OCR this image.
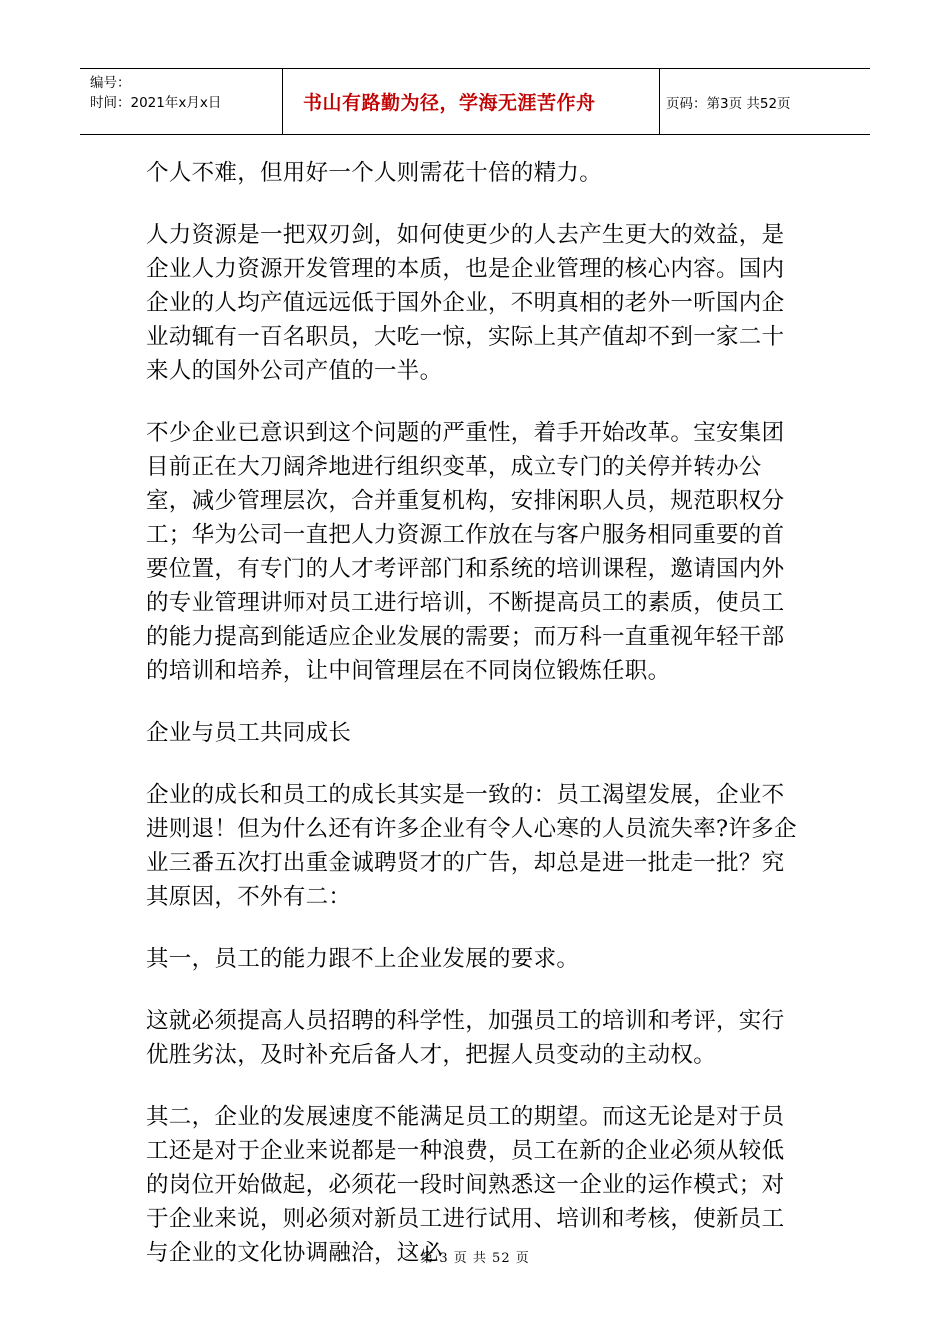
编号：
时间：2021年x月x日	书山有路勤为径，学海无涯苦作舟	页码：第3页 共52页

个人不难，但用好一个人则需花十倍的精力。

人力资源是一把双刃剑，如何使更少的人去产生更大的效益，是企业人力资源开发管理的本质，也是企业管理的核心内容。国内企业的人均产值远远低于国外企业，不明真相的老外一听国内企业动辄有一百名职员，大吃一惊，实际上其产值却不到一家二十来人的国外公司产值的一半。

不少企业已意识到这个问题的严重性，着手开始改革。宝安集团目前正在大刀阔斧地进行组织变革，成立专门的关停并转办公室，减少管理层次，合并重复机构，安排闲职人员，规范职权分工；华为公司一直把人力资源工作放在与客户服务相同重要的首要位置，有专门的人才考评部门和系统的培训课程，邀请国内外的专业管理讲师对员工进行培训，不断提高员工的素质，使员工的能力提高到能适应企业发展的需要；而万科一直重视年轻干部的培训和培养，让中间管理层在不同岗位锻炼任职。

企业与员工共同成长

企业的成长和员工的成长其实是一致的：员工渴望发展，企业不进则退！但为什么还有许多企业有令人心寒的人员流失率?许多企业三番五次打出重金诚聘贤才的广告，却总是进一批走一批？究其原因，不外有二：

其一，员工的能力跟不上企业发展的要求。

这就必须提高人员招聘的科学性，加强员工的培训和考评，实行优胜劣汰，及时补充后备人才，把握人员变动的主动权。

其二，企业的发展速度不能满足员工的期望。而这无论是对于员工还是对于企业来说都是一种浪费，员工在新的企业必须从较低的岗位开始做起，必须花一段时间熟悉这一企业的运作模式；对于企业来说，则必须对新员工进行试用、培训和考核，使新员工与企业的文化协调融洽，这必

第 3 页 共 52 页
